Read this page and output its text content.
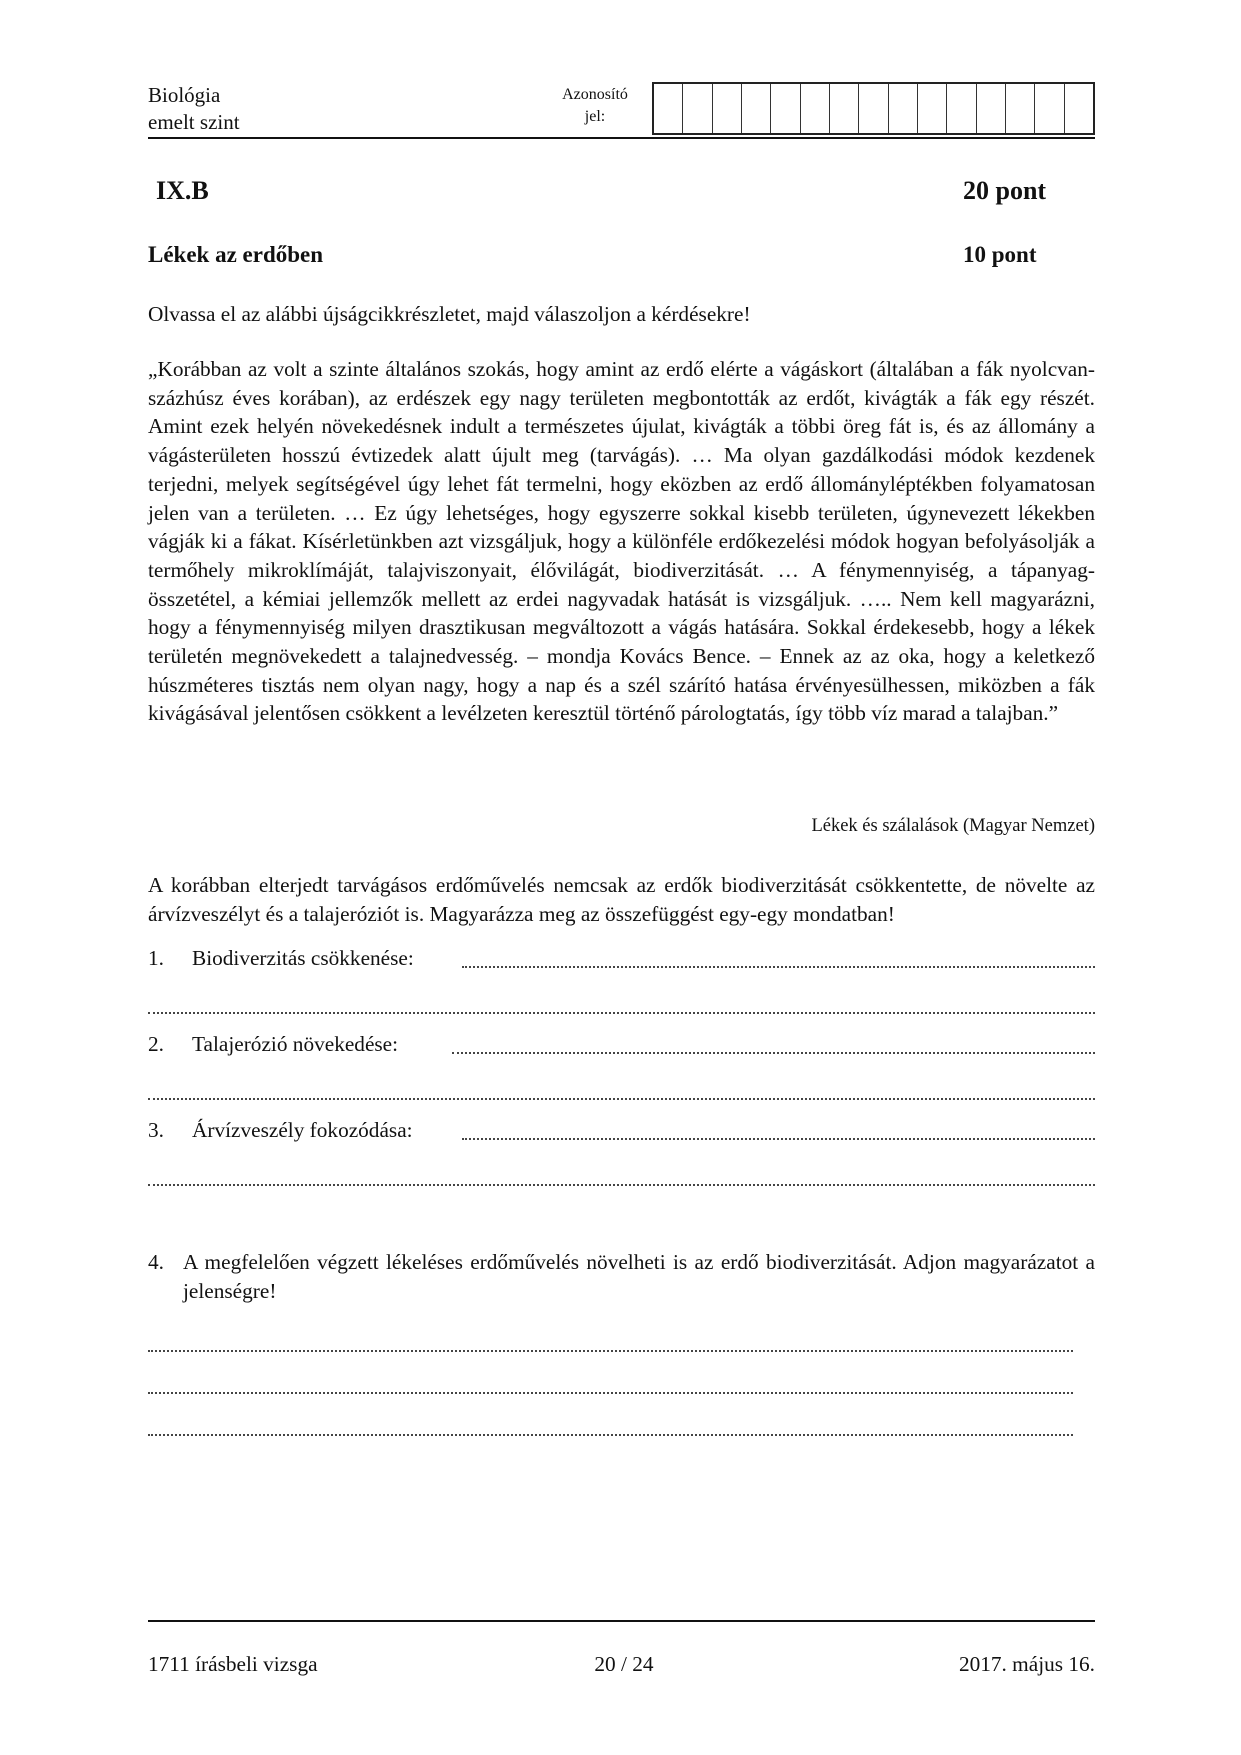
Biológia
emelt szint
Azonosító
jel:
IX.B	20 pont
Lékek az erdőben	10 pont
Olvassa el az alábbi újságcikkrészletet, majd válaszoljon a kérdésekre!
„Korábban az volt a szinte általános szokás, hogy amint az erdő elérte a vágáskort (általában a fák nyolcvan-százhúsz éves korában), az erdészek egy nagy területen megbontották az erdőt, kivágták a fák egy részét. Amint ezek helyén növekedésnek indult a természetes újulat, kivágták a többi öreg fát is, és az állomány a vágásterületen hosszú évtizedek alatt újult meg (tarvágás). … Ma olyan gazdálkodási módok kezdenek terjedni, melyek segítségével úgy lehet fát termelni, hogy eközben az erdő állományléptékben folyamatosan jelen van a területen. … Ez úgy lehetséges, hogy egyszerre sokkal kisebb területen, úgynevezett lékekben vágják ki a fákat. Kísérletünkben azt vizsgáljuk, hogy a különféle erdőkezelési módok hogyan befolyásolják a termőhely mikroklímáját, talajviszonyait, élővilágát, biodiverzitását. … A fénymennyiség, a tápanyag-összetétel, a kémiai jellemzők mellett az erdei nagyvadak hatását is vizsgáljuk. ….. Nem kell magyarázni, hogy a fénymennyiség milyen drasztikusan megváltozott a vágás hatására. Sokkal érdekesebb, hogy a lékek területén megnövekedett a talajnedvesség. – mondja Kovács Bence. – Ennek az az oka, hogy a keletkező húszméteres tisztás nem olyan nagy, hogy a nap és a szél szárító hatása érvényesülhessen, miközben a fák kivágásával jelentősen csökkent a levélzeten keresztül történő párologtatás, így több víz marad a talajban.”
Lékek és szálalások (Magyar Nemzet)
A korábban elterjedt tarvágásos erdőművelés nemcsak az erdők biodiverzitását csökkentette, de növelte az árvízveszélyt és a talajeróziót is. Magyarázza meg az összefüggést egy-egy mondatban!
1. Biodiverzitás csökkenése:
2. Talajerózió növekedése:
3. Árvízveszély fokozódása:
4. A megfelelően végzett lékeléses erdőművelés növelheti is az erdő biodiverzitását. Adjon magyarázatot a jelenségre!
1711 írásbeli vizsga	20 / 24	2017. május 16.
